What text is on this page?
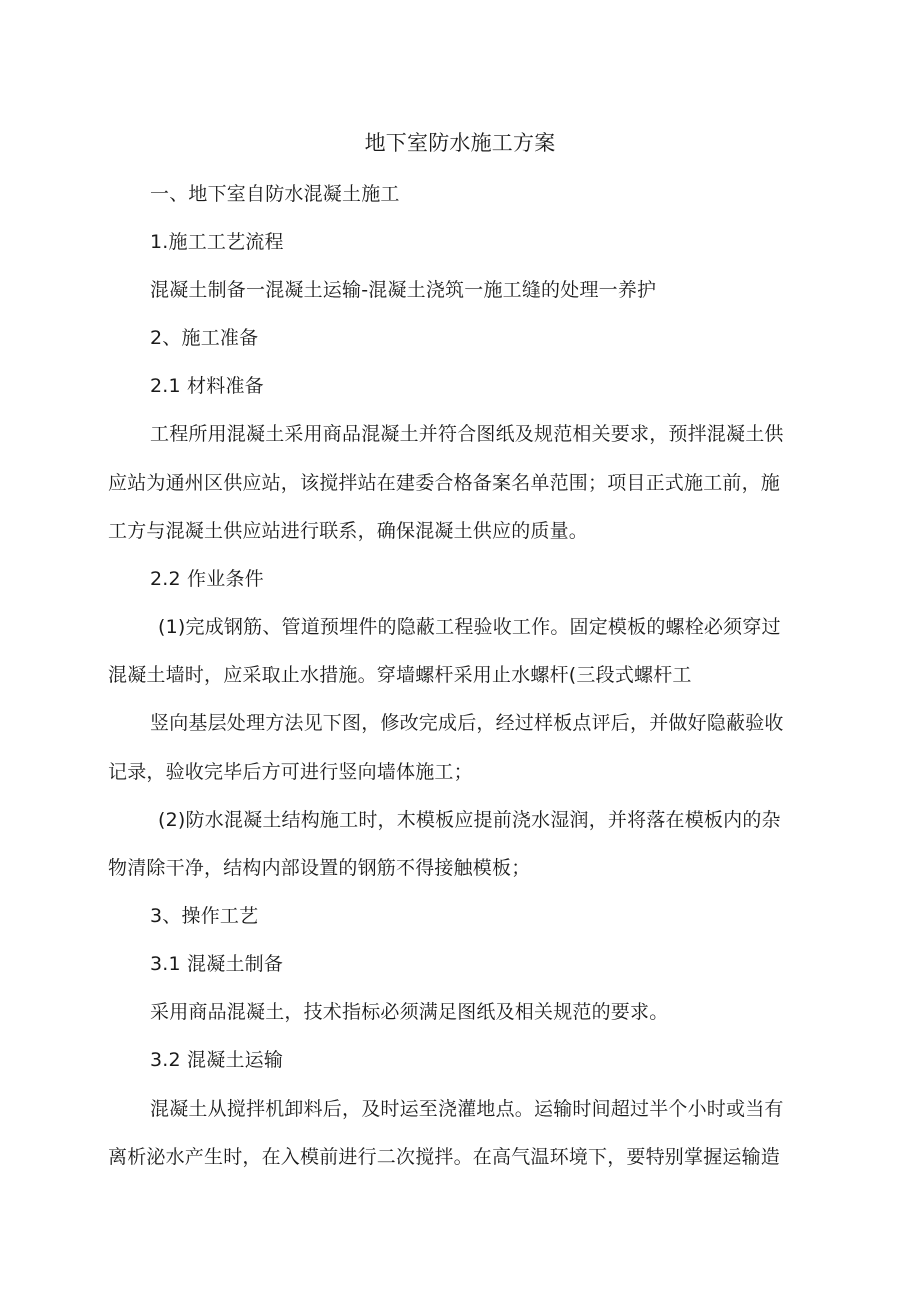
地下室防水施工方案

一、地下室自防水混凝土施工

1.施工工艺流程

混凝土制备一混凝土运输-混凝土浇筑一施工缝的处理一养护

2、施工准备

2.1 材料准备

工程所用混凝土采用商品混凝土并符合图纸及规范相关要求，预拌混凝土供

应站为通州区供应站，该搅拌站在建委合格备案名单范围；项目正式施工前，施

工方与混凝土供应站进行联系，确保混凝土供应的质量。

2.2 作业条件

(1)完成钢筋、管道预埋件的隐蔽工程验收工作。固定模板的螺栓必须穿过

混凝土墙时，应采取止水措施。穿墙螺杆采用止水螺杆(三段式螺杆工

竖向基层处理方法见下图，修改完成后，经过样板点评后，并做好隐蔽验收

记录，验收完毕后方可进行竖向墙体施工；

(2)防水混凝土结构施工时，木模板应提前浇水湿润，并将落在模板内的杂

物清除干净，结构内部设置的钢筋不得接触模板；

3、操作工艺

3.1 混凝土制备

采用商品混凝土，技术指标必须满足图纸及相关规范的要求。

3.2 混凝土运输

混凝土从搅拌机卸料后，及时运至浇灌地点。运输时间超过半个小时或当有

离析泌水产生时，在入模前进行二次搅拌。在高气温环境下，要特别掌握运输造
